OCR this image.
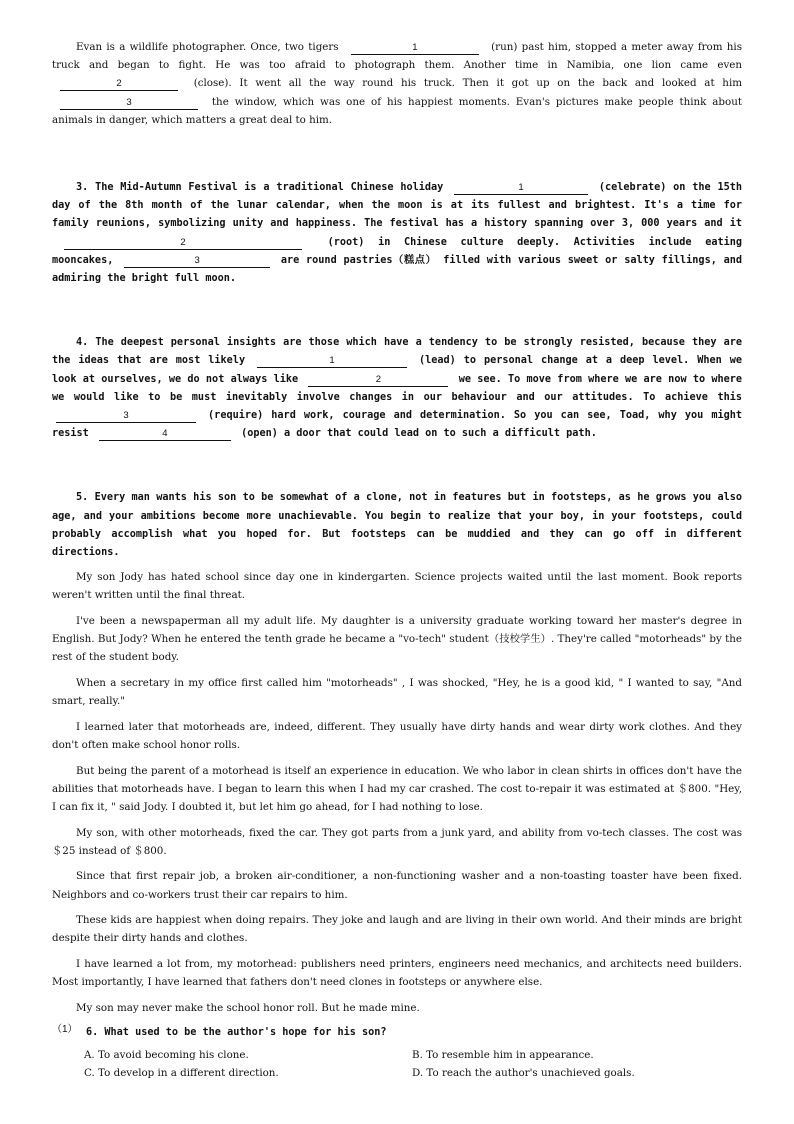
Evan is a wildlife photographer. Once, two tigers	1	(run) past him, stopped a meter away from his truck and began to fight. He was too afraid to photograph them. Another time in Namibia, one lion came even 2	(close). It went all the way round his truck. Then it got up on the back and looked at him 3	the window, which was one of his happiest moments. Evan's pictures make people think about animals in danger, which matters a great deal to him.

3. The Mid-Autumn Festival is a traditional Chinese holiday	1	(celebrate) on the 15th day of the 8th month of the lunar calendar, when the moon is at its fullest and brightest. It's a time for family reunions, symbolizing unity and happiness. The festival has a history spanning over 3, 000 years and it 2	(root) in Chinese culture deeply. Activities include eating mooncakes,	3	are round pastries（糕点） filled with various sweet or salty fillings, and admiring the bright full moon.

4. The deepest personal insights are those which have a tendency to be strongly resisted, because they are the ideas that are most likely	1	(lead) to personal change at a deep level. When we look at ourselves, we do not always like	2	we see. To move from where we are now to where we would like to be must inevitably involve changes in our behaviour and our attitudes. To achieve this 3	(require) hard work, courage and determination. So you can see, Toad, why you might resist	4	(open) a door that could lead on to such a difficult path.

5. Every man wants his son to be somewhat of a clone, not in features but in footsteps, as he grows you also age, and your ambitions become more unachievable. You begin to realize that your boy, in your footsteps, could probably accomplish what you hoped for. But footsteps can be muddied and they can go off in different directions.

My son Jody has hated school since day one in kindergarten. Science projects waited until the last moment. Book reports weren't written until the final threat.

I've been a newspaperman all my adult life. My daughter is a university graduate working toward her master's degree in English. But Jody? When he entered the tenth grade he became a "vo-tech" student（技校学生）. They're called "motorheads" by the rest of the student body.

When a secretary in my office first called him "motorheads" , I was shocked, "Hey, he is a good kid, " I wanted to say, "And smart, really."

I learned later that motorheads are, indeed, different. They usually have dirty hands and wear dirty work clothes. And they don't often make school honor rolls.

But being the parent of a motorhead is itself an experience in education. We who labor in clean shirts in offices don't have the abilities that motorheads have. I began to learn this when I had my car crashed. The cost to-repair it was estimated at ＄800. "Hey, I can fix it, " said Jody. I doubted it, but let him go ahead, for I had nothing to lose.

My son, with other motorheads, fixed the car. They got parts from a junk yard, and ability from vo-tech classes. The cost was ＄25 instead of ＄800.

Since that first repair job, a broken air-conditioner, a non-functioning washer and a non-toasting toaster have been fixed. Neighbors and co-workers trust their car repairs to him.

These kids are happiest when doing repairs. They joke and laugh and are living in their own world. And their minds are bright despite their dirty hands and clothes.

I have learned a lot from, my motorhead: publishers need printers, engineers need mechanics, and architects need builders. Most importantly, I have learned that fathers don't need clones in footsteps or anywhere else.

My son may never make the school honor roll. But he made mine.

（1） 6. What used to be the author's hope for his son?
A. To avoid becoming his clone.	B. To resemble him in appearance.
C. To develop in a different direction.	D. To reach the author's unachieved goals.
